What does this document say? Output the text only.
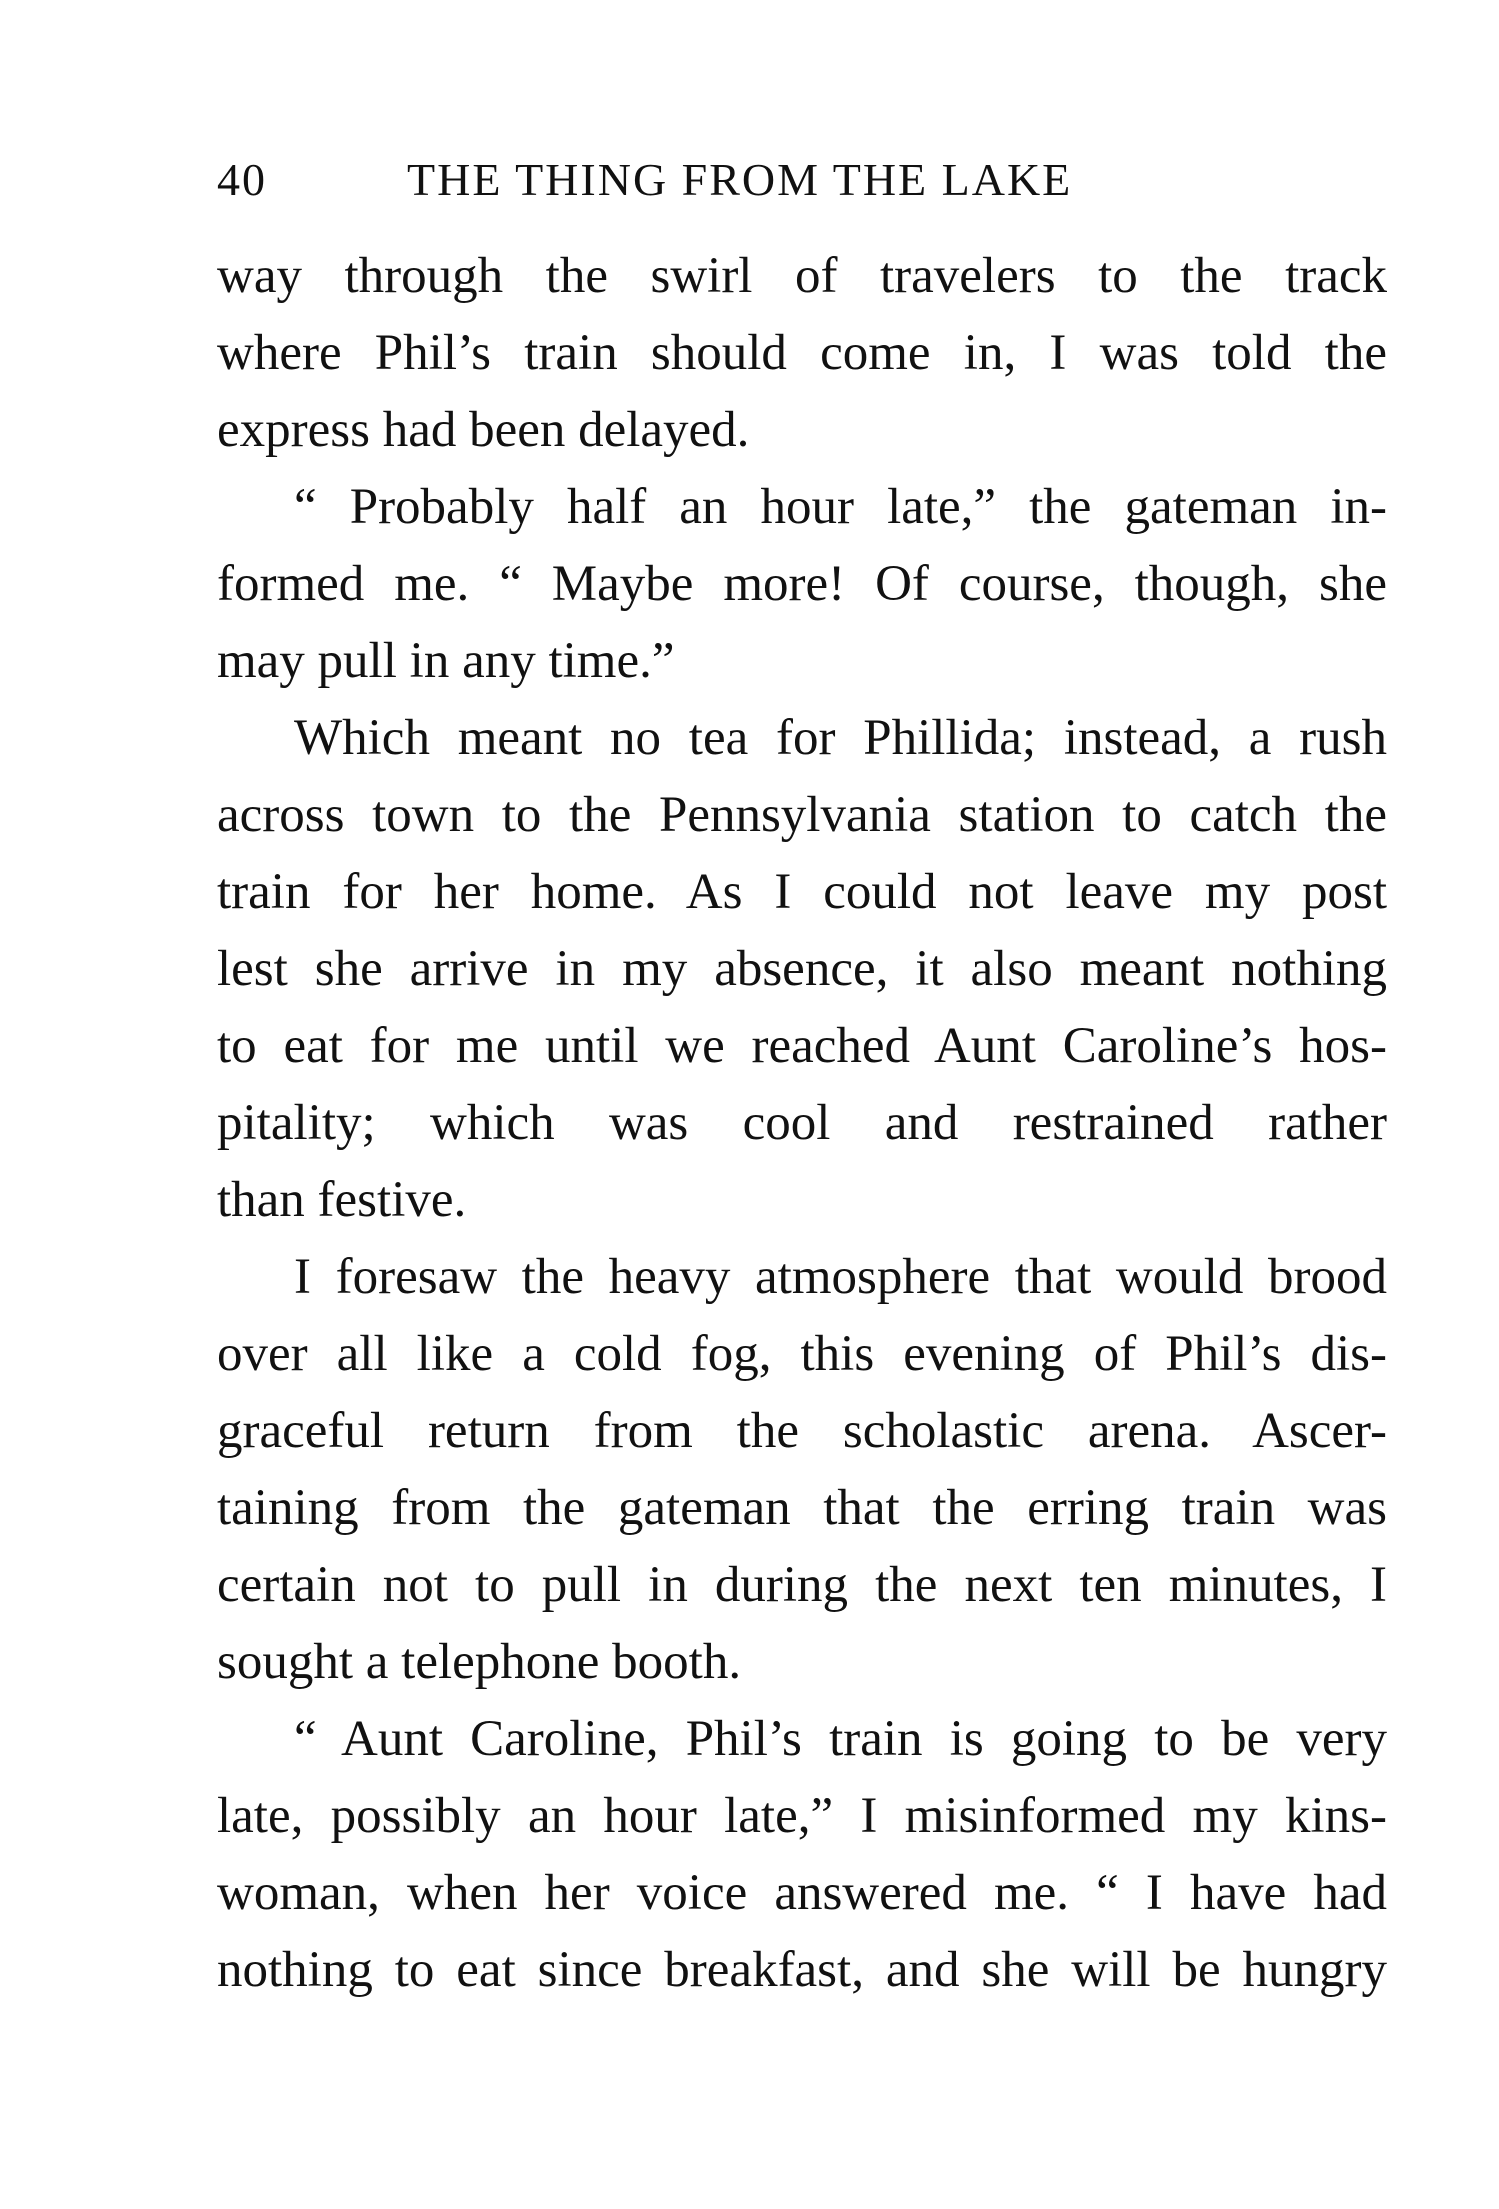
40	THE THING FROM THE LAKE
way through the swirl of travelers to the track
where Phil’s train should come in, I was told the
express had been delayed.
“ Probably half an hour late,” the gateman in-
formed me. “ Maybe more! Of course, though, she
may pull in any time.”
Which meant no tea for Phillida; instead, a rush
across town to the Pennsylvania station to catch the
train for her home. As I could not leave my post
lest she arrive in my absence, it also meant nothing
to eat for me until we reached Aunt Caroline’s hos-
pitality; which was cool and restrained rather
than festive.
I foresaw the heavy atmosphere that would brood
over all like a cold fog, this evening of Phil’s dis-
graceful return from the scholastic arena. Ascer-
taining from the gateman that the erring train was
certain not to pull in during the next ten minutes, I
sought a telephone booth.
“ Aunt Caroline, Phil’s train is going to be very
late, possibly an hour late,” I misinformed my kins-
woman, when her voice answered me. “ I have had
nothing to eat since breakfast, and she will be hungry
